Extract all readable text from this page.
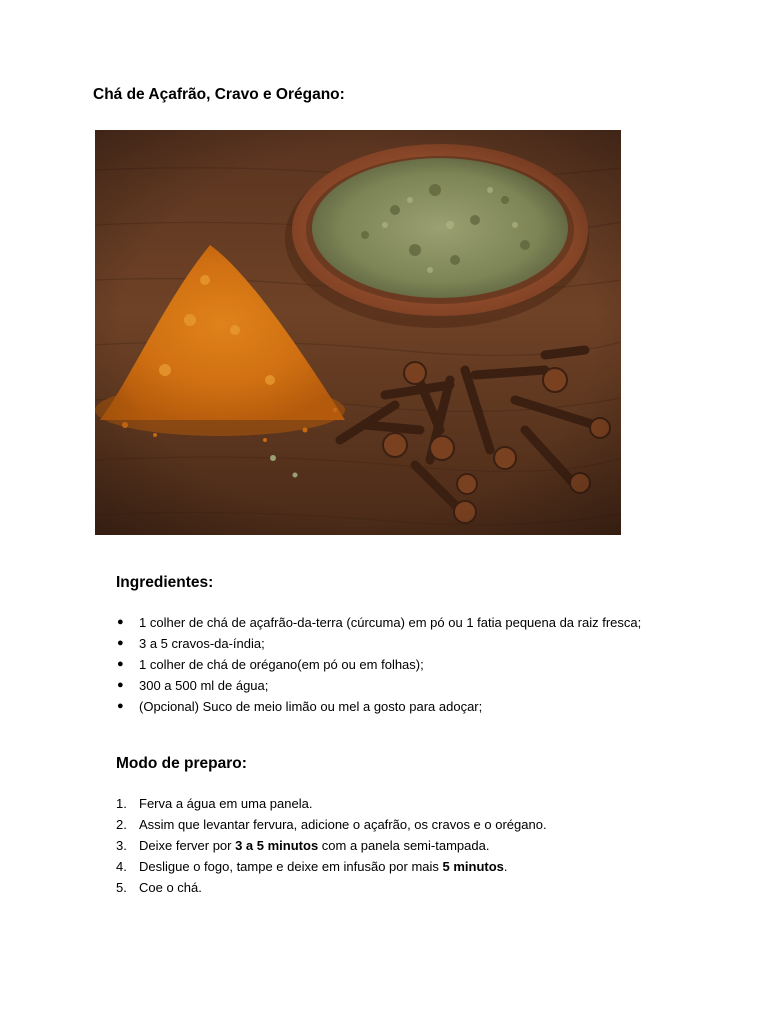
Chá de Açafrão, Cravo e Orégano:
Ingredientes:
● 1 colher de chá de açafrão-da-terra (cúrcuma) em pó ou 1 fatia pequena da raiz fresca;
● 3 a 5 cravos-da-índia;
● 1 colher de chá de orégano(em pó ou em folhas);
● 300 a 500 ml de água;
● (Opcional) Suco de meio limão ou mel a gosto para adoçar;
Modo de preparo:
1. Ferva a água em uma panela.
2. Assim que levantar fervura, adicione o açafrão, os cravos e o orégano.
3. Deixe ferver por 3 a 5 minutos com a panela semi-tampada.
4. Desligue o fogo, tampe e deixe em infusão por mais 5 minutos.
5. Coe o chá.
